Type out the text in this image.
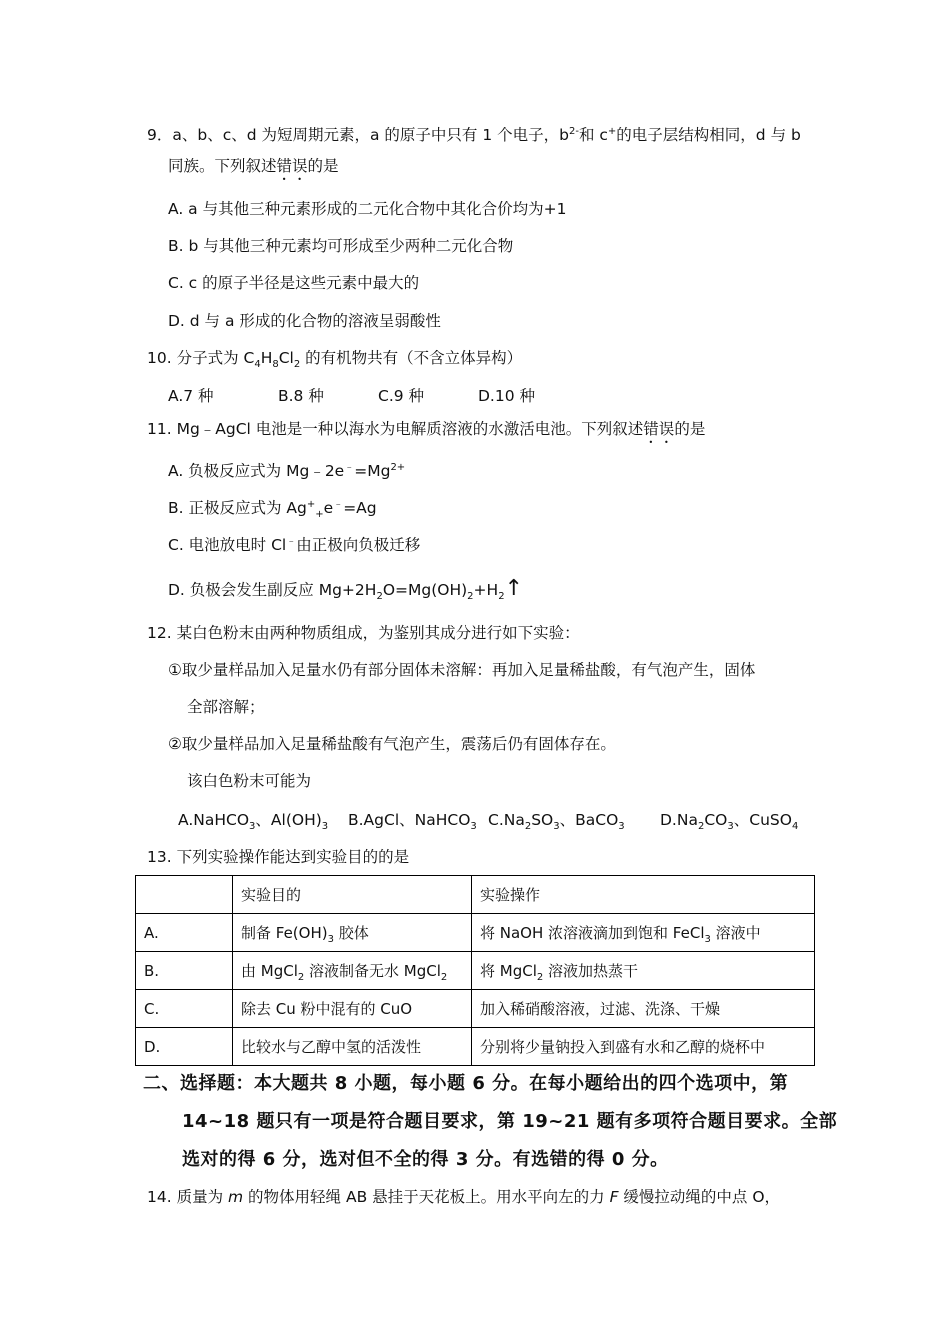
9．a、b、c、d 为短周期元素，a 的原子中只有 1 个电子，$b^{2-}$和 c+的电子层结构相同，d 与 b
同族。下列叙述错误的是
A. a 与其他三种元素形成的二元化合物中其化合价均为+1
B. b 与其他三种元素均可形成至少两种二元化合物
C. c 的原子半径是这些元素中最大的
D. d 与 a 形成的化合物的溶液呈弱酸性
10. 分子式为 $C_4H_8Cl_2$ 的有机物共有（不含立体异构）
A.7 种	B.8 种	C.9 种	D.10 种
11. Mg﹣AgCl 电池是一种以海水为电解质溶液的水激活电池。下列叙述错误的是
A. 负极反应式为 $Mg﹣2e^﹣=Mg^{2+}$
B. 正极反应式为 $Ag^+_+e^﹣=Ag$
C. 电池放电时 Cl﹣由正极向负极迁移
D. 负极会发生副反应 $Mg+2H_2O=Mg(OH)_2+H_2↑$
12. 某白色粉末由两种物质组成，为鉴别其成分进行如下实验：
①取少量样品加入足量水仍有部分固体未溶解：再加入足量稀盐酸，有气泡产生，固体
全部溶解；
②取少量样品加入足量稀盐酸有气泡产生，震荡后仍有固体存在。
该白色粉末可能为
A.NaHCO$_3$、$Al(OH)_3$ B.AgCl、NaHCO$_3$ $C.Na_2SO_3$、BaCO$_3$ $D.Na_2CO_3$、CuSO$_4$
13. 下列实验操作能达到实验目的的是
	实验目的	实验操作
A.	制备 $Fe(OH)_3$ 胶体	将 NaOH 浓溶液滴加到饱和 FeCl$_3$ 溶液中
B.	由 MgCl$_2$ 溶液制备无水 MgCl$_2$	将 MgCl$_2$ 溶液加热蒸干
C.	除去 Cu 粉中混有的 CuO	加入稀硝酸溶液，过滤、洗涤、干燥
D.	比较水与乙醇中氢的活泼性	分别将少量钠投入到盛有水和乙醇的烧杯中
二、选择题：本大题共 8 小题，每小题 6 分。在每小题给出的四个选项中，第
14~18 题只有一项是符合题目要求，第 19~21 题有多项符合题目要求。全部
选对的得 6 分，选对但不全的得 3 分。有选错的得 0 分。
14. 质量为 m 的物体用轻绳 AB 悬挂于天花板上。用水平向左的力 F 缓慢拉动绳的中点 O，
